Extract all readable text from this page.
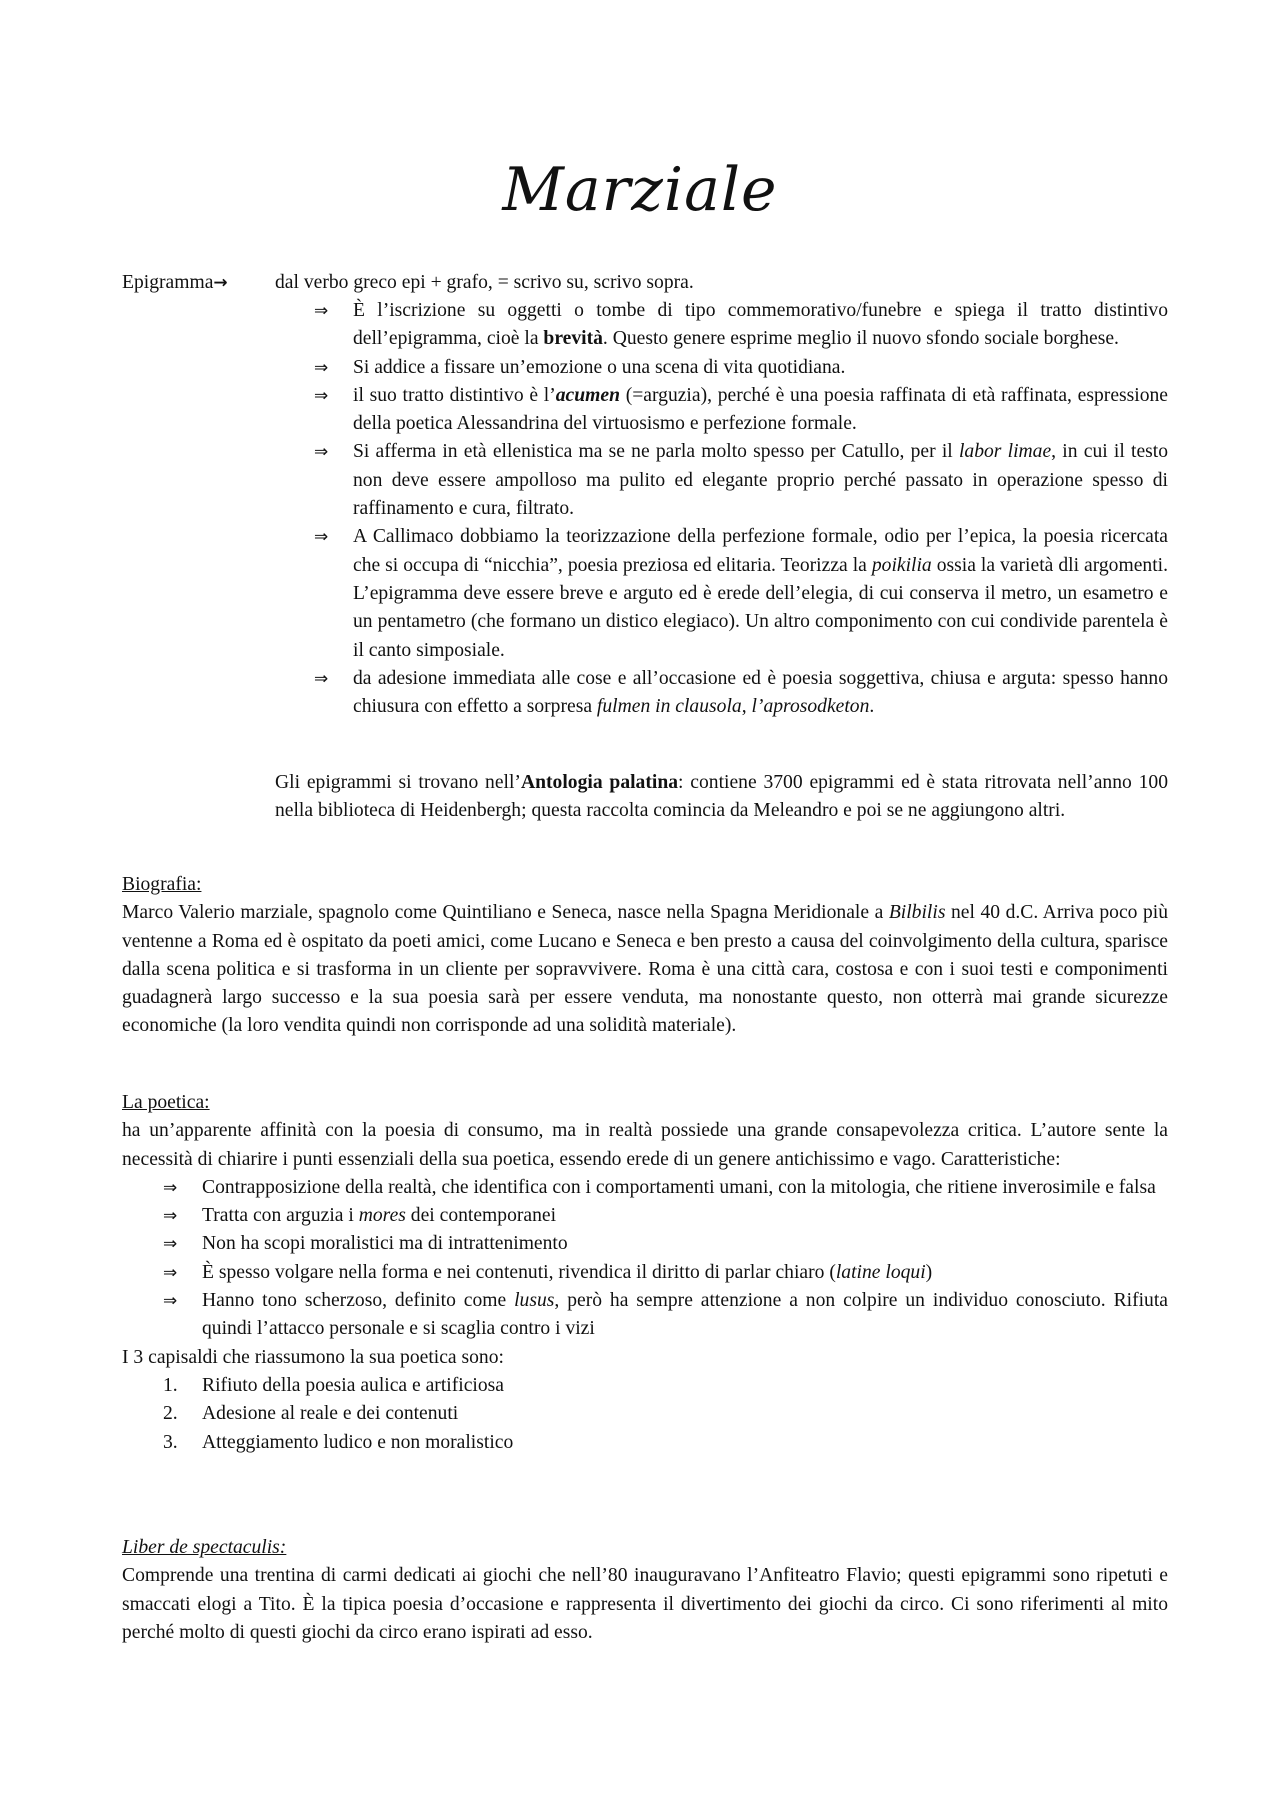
Marziale
Epigramma→ dal verbo greco epi + grafo, = scrivo su, scrivo sopra.
⇒ È l’iscrizione su oggetti o tombe di tipo commemorativo/funebre e spiega il tratto distintivo dell’epigramma, cioè la brevità. Questo genere esprime meglio il nuovo sfondo sociale borghese.
⇒ Si addice a fissare un’emozione o una scena di vita quotidiana.
⇒ il suo tratto distintivo è l’acumen (=arguzia), perché è una poesia raffinata di età raffinata, espressione della poetica Alessandrina del virtuosismo e perfezione formale.
⇒ Si afferma in età ellenistica ma se ne parla molto spesso per Catullo, per il labor limae, in cui il testo non deve essere ampolloso ma pulito ed elegante proprio perché passato in operazione spesso di raffinamento e cura, filtrato.
⇒ A Callimaco dobbiamo la teorizzazione della perfezione formale, odio per l’epica, la poesia ricercata che si occupa di “nicchia”, poesia preziosa ed elitaria. Teorizza la poikilia ossia la varietà dli argomenti. L’epigramma deve essere breve e arguto ed è erede dell’elegia, di cui conserva il metro, un esametro e un pentametro (che formano un distico elegiaco). Un altro componimento con cui condivide parentela è il canto simposiale.
⇒ da adesione immediata alle cose e all’occasione ed è poesia soggettiva, chiusa e arguta: spesso hanno chiusura con effetto a sorpresa fulmen in clausola, l’aprosodketon.
Gli epigrammi si trovano nell’Antologia palatina: contiene 3700 epigrammi ed è stata ritrovata nell’anno 100 nella biblioteca di Heidenbergh; questa raccolta comincia da Meleandro e poi se ne aggiungono altri.
Biografia:
Marco Valerio marziale, spagnolo come Quintiliano e Seneca, nasce nella Spagna Meridionale a Bilbilis nel 40 d.C. Arriva poco più ventenne a Roma ed è ospitato da poeti amici, come Lucano e Seneca e ben presto a causa del coinvolgimento della cultura, sparisce dalla scena politica e si trasforma in un cliente per sopravvivere. Roma è una città cara, costosa e con i suoi testi e componimenti guadagnerà largo successo e la sua poesia sarà per essere venduta, ma nonostante questo, non otterrà mai grande sicurezze economiche (la loro vendita quindi non corrisponde ad una solidità materiale).
La poetica:
ha un’apparente affinità con la poesia di consumo, ma in realtà possiede una grande consapevolezza critica. L’autore sente la necessità di chiarire i punti essenziali della sua poetica, essendo erede di un genere antichissimo e vago. Caratteristiche:
⇒ Contrapposizione della realtà, che identifica con i comportamenti umani, con la mitologia, che ritiene inverosimile e falsa
⇒ Tratta con arguzia i mores dei contemporanei
⇒ Non ha scopi moralistici ma di intrattenimento
⇒ È spesso volgare nella forma e nei contenuti, rivendica il diritto di parlar chiaro (latine loqui)
⇒ Hanno tono scherzoso, definito come lusus, però ha sempre attenzione a non colpire un individuo conosciuto. Rifiuta quindi l’attacco personale e si scaglia contro i vizi
I 3 capisaldi che riassumono la sua poetica sono:
1. Rifiuto della poesia aulica e artificiosa
2. Adesione al reale e dei contenuti
3. Atteggiamento ludico e non moralistico
Liber de spectaculis:
Comprende una trentina di carmi dedicati ai giochi che nell’80 inauguravano l’Anfiteatro Flavio; questi epigrammi sono ripetuti e smaccati elogi a Tito. È la tipica poesia d’occasione e rappresenta il divertimento dei giochi da circo. Ci sono riferimenti al mito perché molto di questi giochi da circo erano ispirati ad esso.
